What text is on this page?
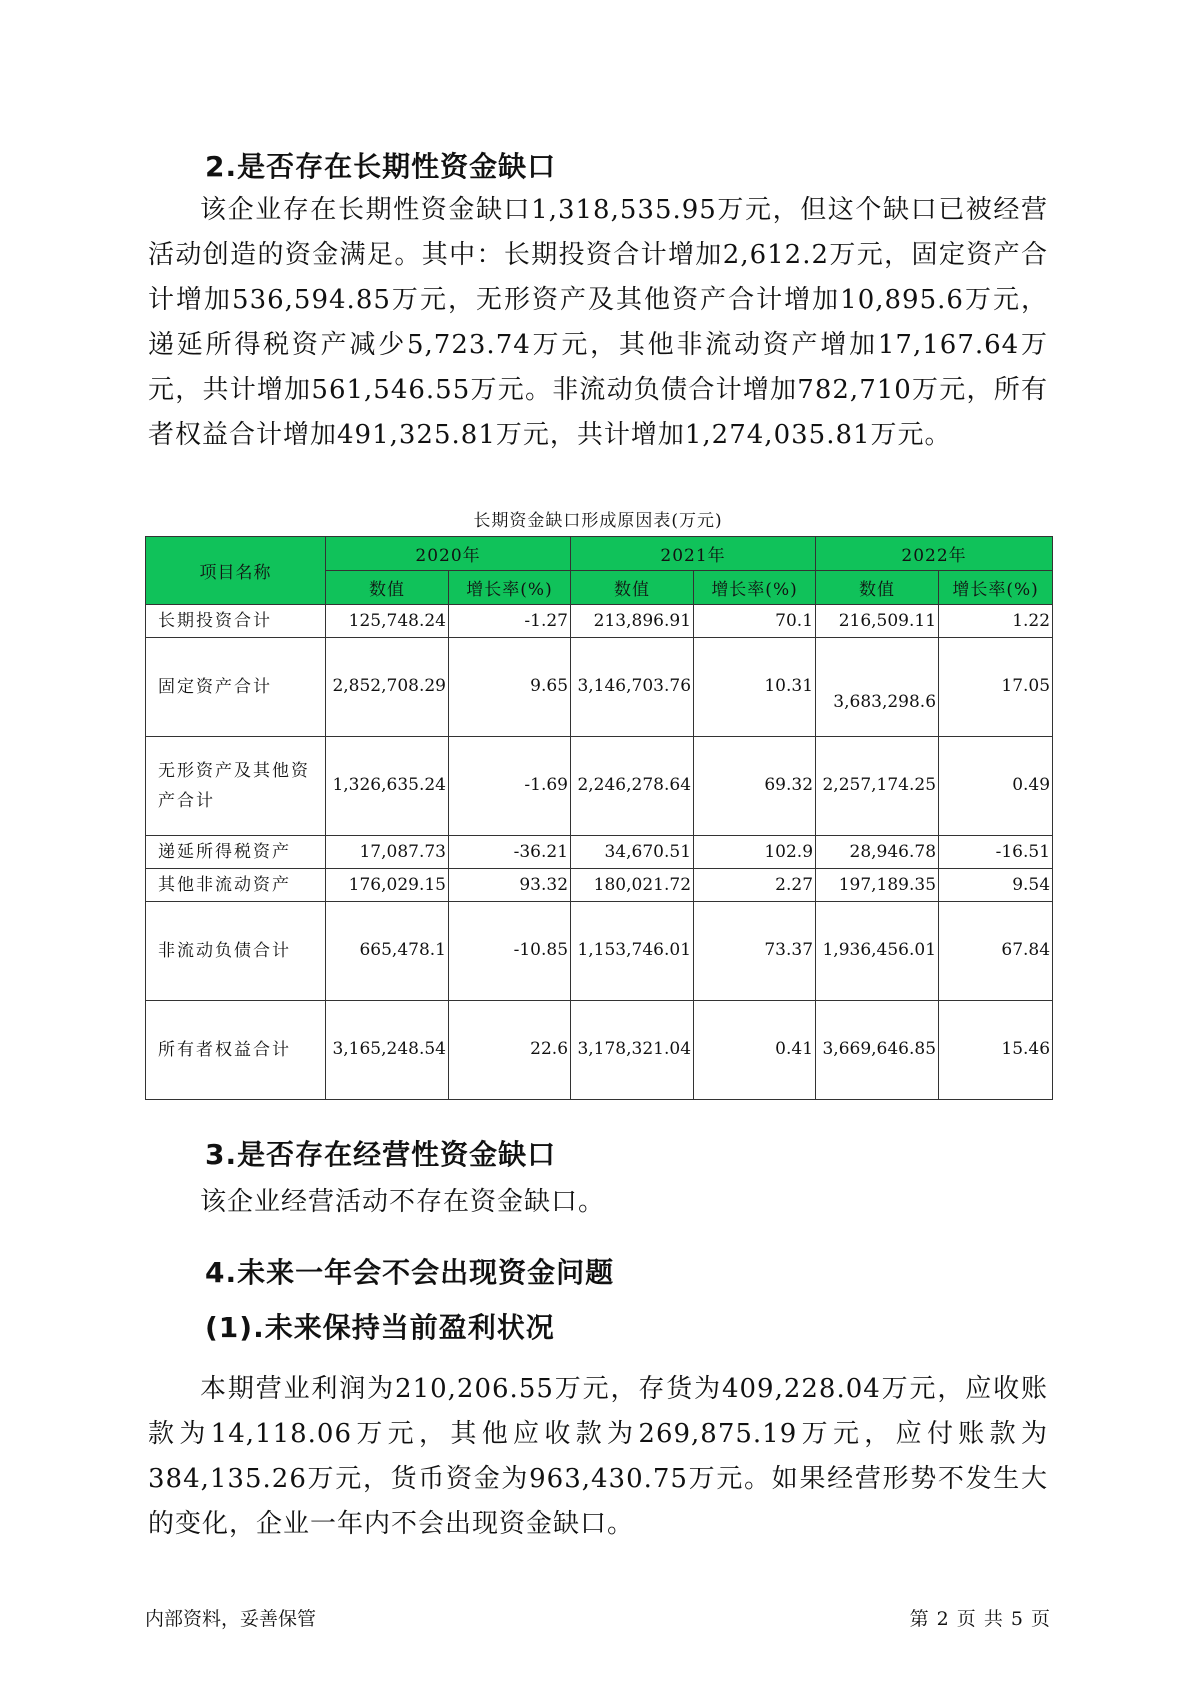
2.是否存在长期性资金缺口

该企业存在长期性资金缺口1,318,535.95万元，但这个缺口已被经营活动创造的资金满足。其中：长期投资合计增加2,612.2万元，固定资产合计增加536,594.85万元，无形资产及其他资产合计增加10,895.6万元，递延所得税资产减少5,723.74万元，其他非流动资产增加17,167.64万元，共计增加561,546.55万元。非流动负债合计增加782,710万元，所有者权益合计增加491,325.81万元，共计增加1,274,035.81万元。

长期资金缺口形成原因表(万元)
项目名称	2020年		2021年		2022年	
	数值	增长率(%)	数值	增长率(%)	数值	增长率(%)
长期投资合计	125,748.24	-1.27	213,896.91	70.1	216,509.11	1.22
固定资产合计	2,852,708.29	9.65	3,146,703.76	10.31	3,683,298.6	17.05
无形资产及其他资产合计	1,326,635.24	-1.69	2,246,278.64	69.32	2,257,174.25	0.49
递延所得税资产	17,087.73	-36.21	34,670.51	102.9	28,946.78	-16.51
其他非流动资产	176,029.15	93.32	180,021.72	2.27	197,189.35	9.54
非流动负债合计	665,478.1	-10.85	1,153,746.01	73.37	1,936,456.01	67.84
所有者权益合计	3,165,248.54	22.6	3,178,321.04	0.41	3,669,646.85	15.46
3.是否存在经营性资金缺口

该企业经营活动不存在资金缺口。

4.未来一年会不会出现资金问题
(1).未来保持当前盈利状况

本期营业利润为210,206.55万元，存货为409,228.04万元，应收账款为14,118.06万元，其他应收款为269,875.19万元，应付账款为384,135.26万元，货币资金为963,430.75万元。如果经营形势不发生大的变化，企业一年内不会出现资金缺口。

内部资料，妥善保管	第 2 页 共 5 页
